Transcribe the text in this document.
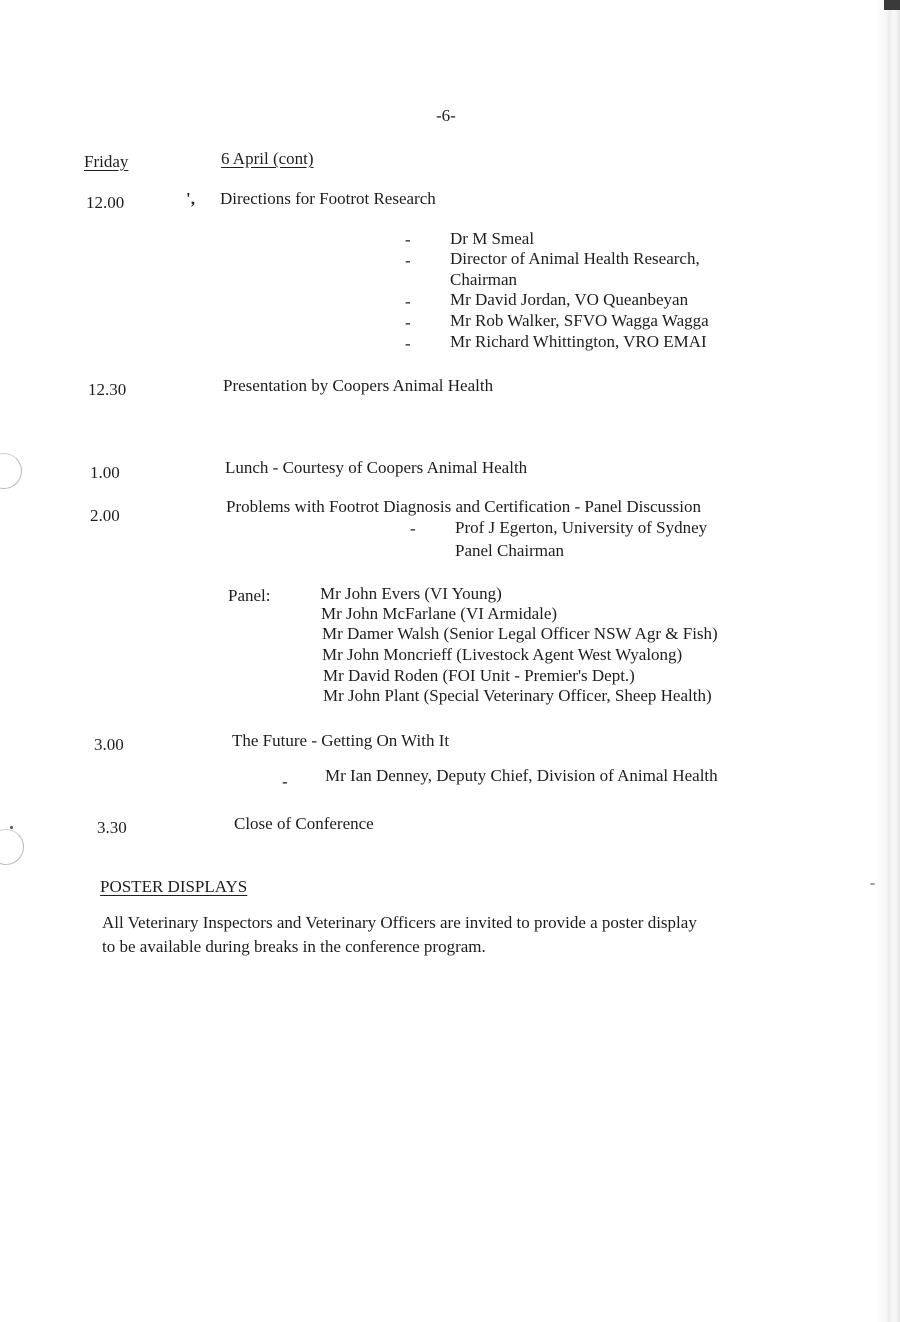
-6-
Friday	6 April (cont)
12.00	', Directions for Footrot Research
- Dr M Smeal
- Director of Animal Health Research,
Chairman
- Mr David Jordan, VO Queanbeyan
- Mr Rob Walker, SFVO Wagga Wagga
- Mr Richard Whittington, VRO EMAI
12.30	Presentation by Coopers Animal Health
1.00	Lunch - Courtesy of Coopers Animal Health
2.00	Problems with Footrot Diagnosis and Certification - Panel Discussion
- Prof J Egerton, University of Sydney
Panel Chairman
Panel:	Mr John Evers (VI Young)
Mr John McFarlane (VI Armidale)
Mr Damer Walsh (Senior Legal Officer NSW Agr & Fish)
Mr John Moncrieff (Livestock Agent West Wyalong)
Mr David Roden (FOI Unit - Premier's Dept.)
Mr John Plant (Special Veterinary Officer, Sheep Health)
3.00	The Future - Getting On With It
- Mr Ian Denney, Deputy Chief, Division of Animal Health
3.30	Close of Conference
POSTER DISPLAYS
All Veterinary Inspectors and Veterinary Officers are invited to provide a poster display
to be available during breaks in the conference program.
